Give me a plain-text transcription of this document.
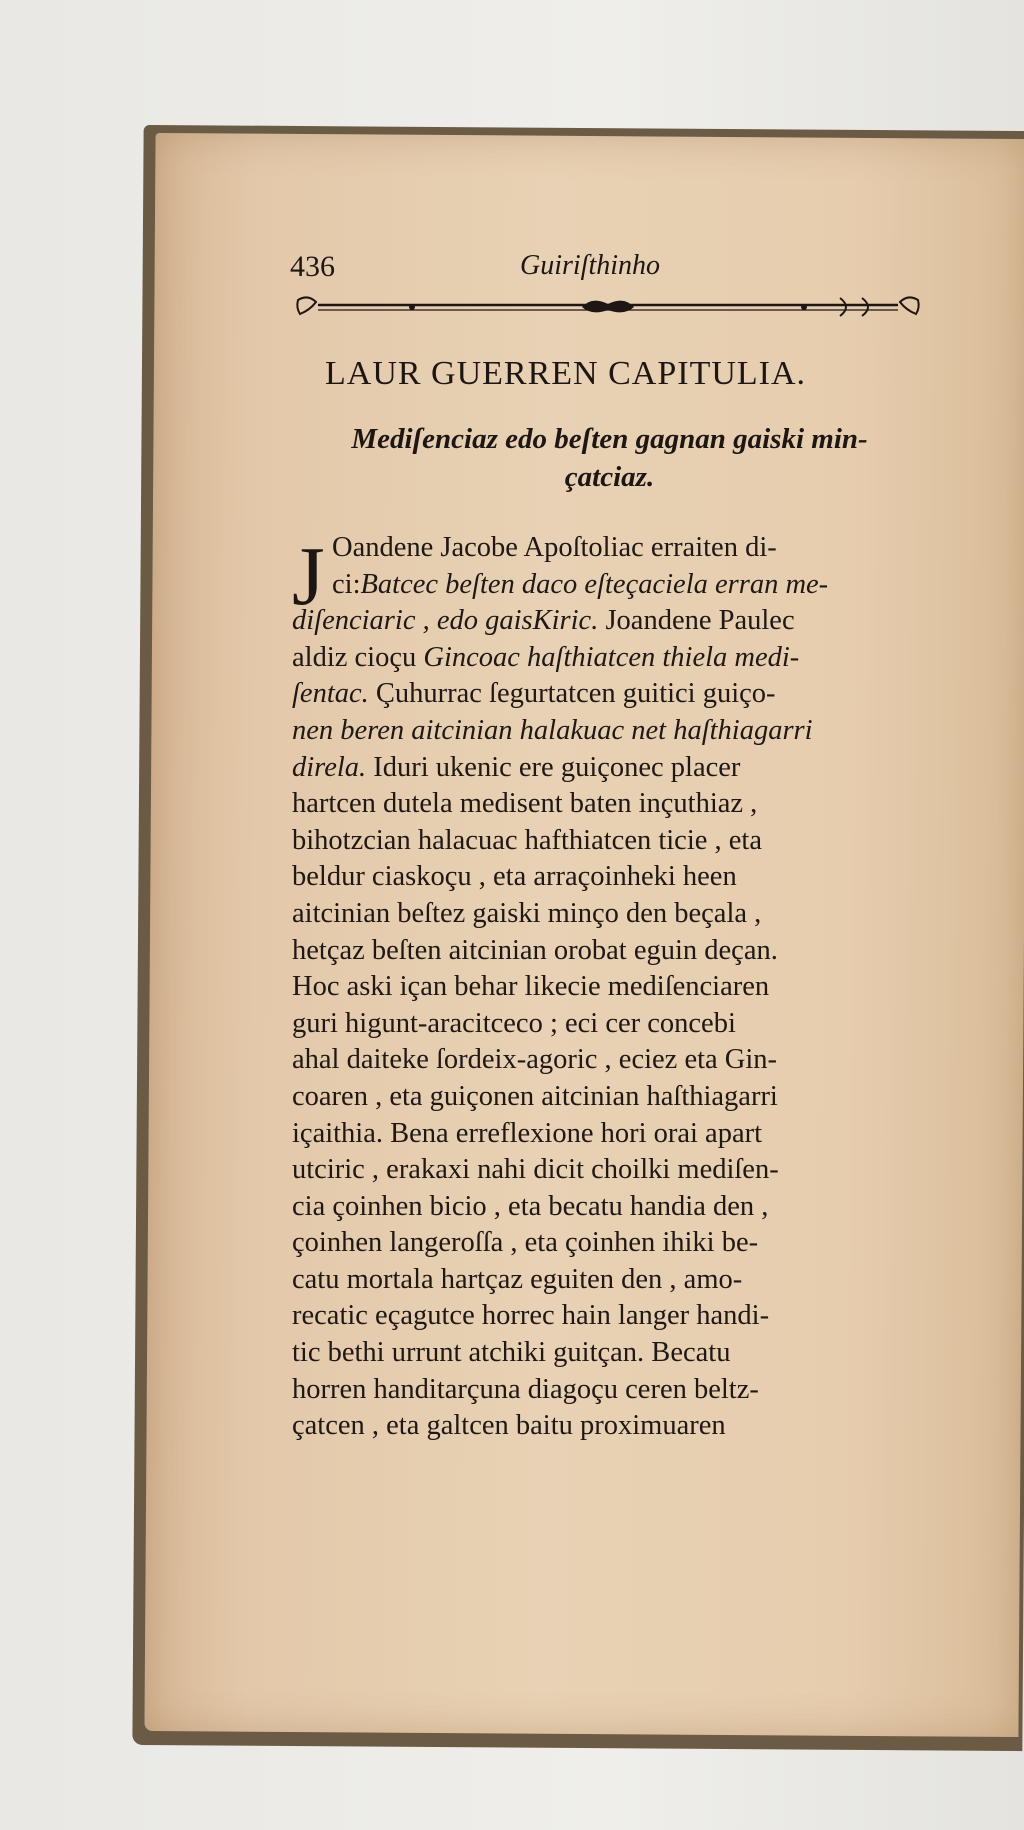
436	Guiriſthinho
LAUR GUERREN CAPITULIA.
Mediſenciaz edo beſten gagnan gaiski min-
çatciaz.
J Oandene Jacobe Apoſtoliac erraiten di-
ci:Batcec beſten daco eſteçaciela erran me-
diſenciaric , edo gaisKiric. Joandene Paulec
aldiz cioçu Gincoac haſthiatcen thiela medi-
ſentac. Çuhurrac ſegurtatcen guitici guiço-
nen beren aitcinian halakuac net haſthiagarri
direla. Iduri ukenic ere guiçonec placer
hartcen dutela medisent baten inçuthiaz ,
bihotzcian halacuac hafthiatcen ticie , eta
beldur ciaskoçu , eta arraçoinheki heen
aitcinian beſtez gaiski minço den beçala ,
hetçaz beſten aitcinian orobat eguin deçan.
Hoc aski içan behar likecie mediſenciaren
guri higunt-aracitceco ; eci cer concebi
ahal daiteke ſordeix-agoric , eciez eta Gin-
coaren , eta guiçonen aitcinian haſthiagarri
içaithia. Bena erreflexione hori orai apart
utciric , erakaxi nahi dicit choilki mediſen-
cia çoinhen bicio , eta becatu handia den ,
çoinhen langeroſſa , eta çoinhen ihiki be-
catu mortala hartçaz eguiten den , amo-
recatic eçagutce horrec hain langer handi-
tic bethi urrunt atchiki guitçan. Becatu
horren handitarçuna diagoçu ceren beltz-
çatcen , eta galtcen baitu proximuaren
